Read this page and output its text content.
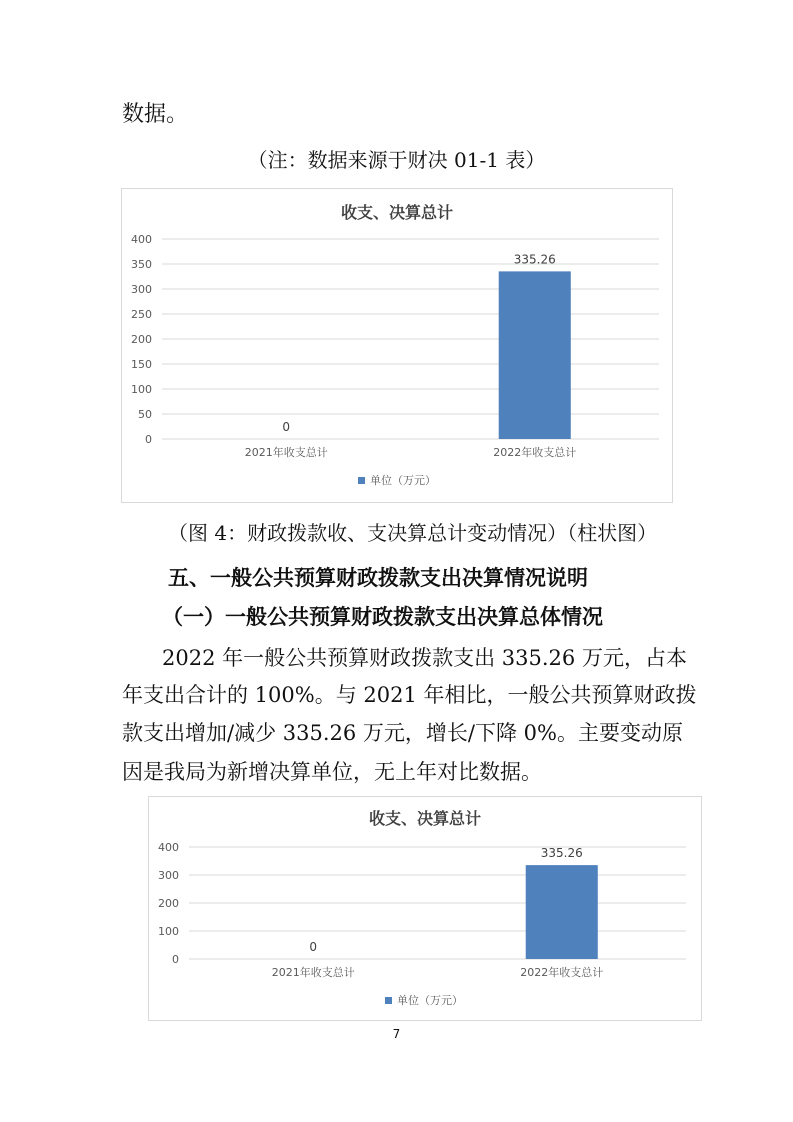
数据。
（注：数据来源于财决 01-1 表）
收支、决算总计
0
50
100
150
200
250
300
350
400
0
2021年收支总计
335.26
2022年收支总计
单位（万元）
（图 4：财政拨款收、支决算总计变动情况）（柱状图）
五、一般公共预算财政拨款支出决算情况说明
（一）一般公共预算财政拨款支出决算总体情况
2022 年一般公共预算财政拨款支出 335.26 万元，占本
年支出合计的 100%。与 2021 年相比，一般公共预算财政拨
款支出增加/减少 335.26 万元，增长/下降 0%。主要变动原
因是我局为新增决算单位，无上年对比数据。
收支、决算总计
0
100
200
300
400
0
2021年收支总计
335.26
2022年收支总计
单位（万元）
7
